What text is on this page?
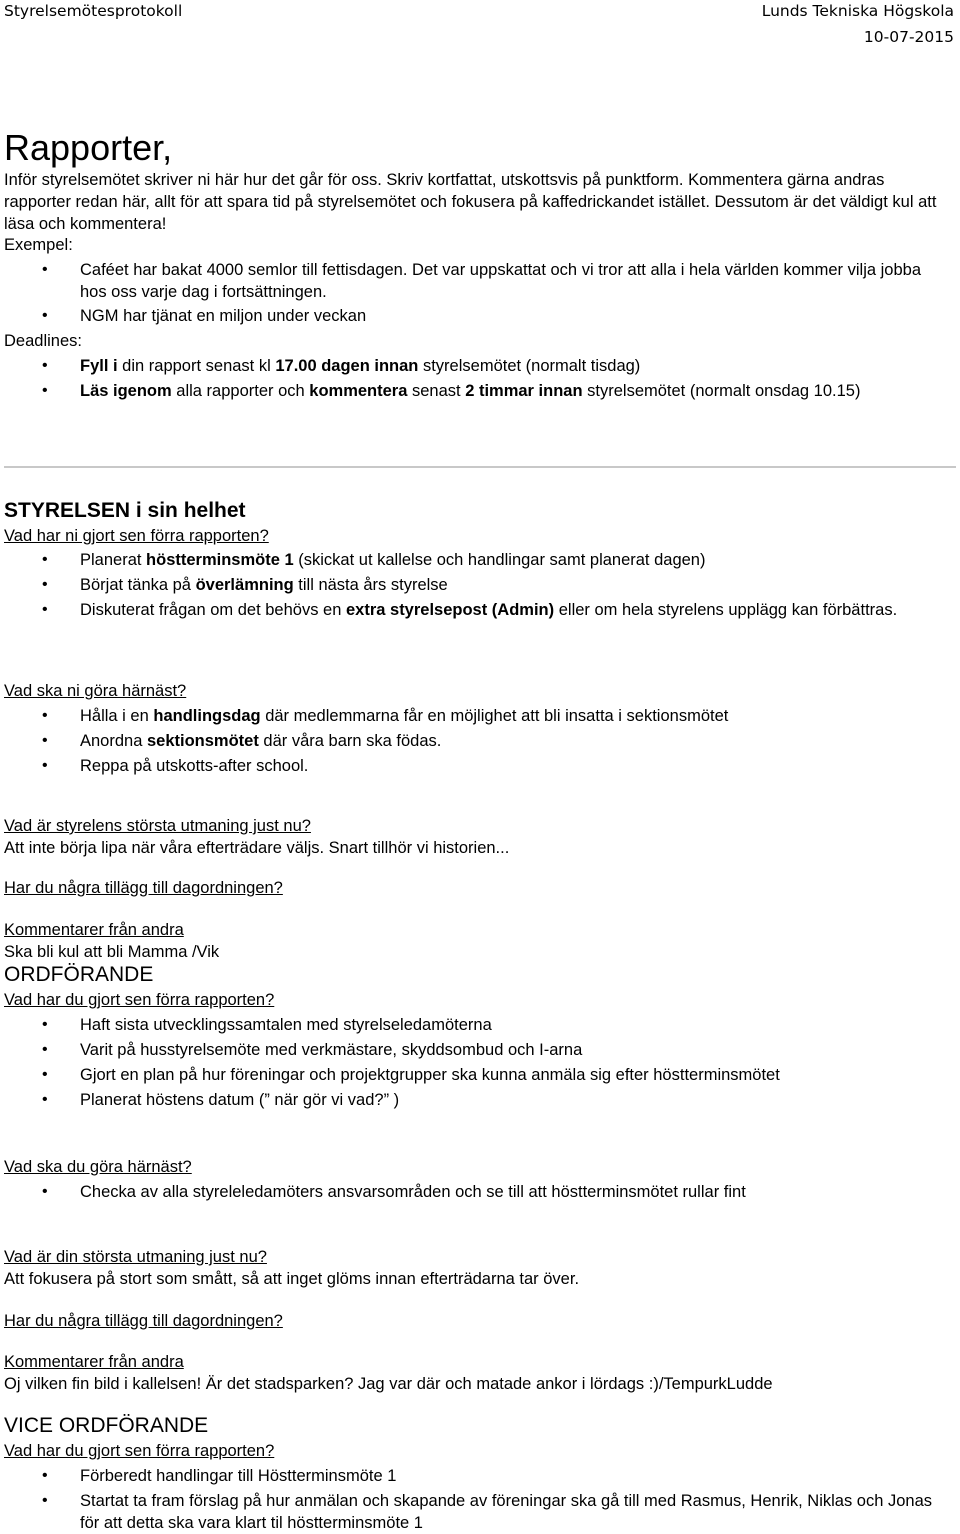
Styrelsemötesprotokoll	Lunds Tekniska Högskola
10-07-2015
Rapporter,
Inför styrelsemötet skriver ni här hur det går för oss. Skriv kortfattat, utskottsvis på punktform. Kommentera gärna andras rapporter redan här, allt för att spara tid på styrelsemötet och fokusera på kaffedrickandet istället. Dessutom är det väldigt kul att läsa och kommentera!
Exempel:
• Caféet har bakat 4000 semlor till fettisdagen. Det var uppskattat och vi tror att alla i hela världen kommer vilja jobba hos oss varje dag i fortsättningen.
• NGM har tjänat en miljon under veckan
Deadlines:
• Fyll i din rapport senast kl 17.00 dagen innan styrelsemötet (normalt tisdag)
• Läs igenom alla rapporter och kommentera senast 2 timmar innan styrelsemötet (normalt onsdag 10.15)
STYRELSEN i sin helhet
Vad har ni gjort sen förra rapporten?
• Planerat höstterminsmöte 1 (skickat ut kallelse och handlingar samt planerat dagen)
• Börjat tänka på överlämning till nästa års styrelse
• Diskuterat frågan om det behövs en extra styrelsepost (Admin) eller om hela styrelens upplägg kan förbättras.
Vad ska ni göra härnäst?
• Hålla i en handlingsdag där medlemmarna får en möjlighet att bli insatta i sektionsmötet
• Anordna sektionsmötet där våra barn ska födas.
• Reppa på utskotts-after school.
Vad är styrelens största utmaning just nu?
Att inte börja lipa när våra efterträdare väljs. Snart tillhör vi historien...
Har du några tillägg till dagordningen?
Kommentarer från andra
Ska bli kul att bli Mamma /Vik
ORDFÖRANDE
Vad har du gjort sen förra rapporten?
• Haft sista utvecklingssamtalen med styrelseledamöterna
• Varit på husstyrelsemöte med verkmästare, skyddsombud och I-arna
• Gjort en plan på hur föreningar och projektgrupper ska kunna anmäla sig efter höstterminsmötet
• Planerat höstens datum (” när gör vi vad?” )
Vad ska du göra härnäst?
• Checka av alla styreleledamöters ansvarsområden och se till att höstterminsmötet rullar fint
Vad är din största utmaning just nu?
Att fokusera på stort som smått, så att inget glöms innan efterträdarna tar över.
Har du några tillägg till dagordningen?
Kommentarer från andra
Oj vilken fin bild i kallelsen! Är det stadsparken? Jag var där och matade ankor i lördags :)/TempurkLudde
VICE ORDFÖRANDE
Vad har du gjort sen förra rapporten?
• Förberedt handlingar till Höstterminsmöte 1
• Startat ta fram förslag på hur anmälan och skapande av föreningar ska gå till med Rasmus, Henrik, Niklas och Jonas för att detta ska vara klart til höstterminsmöte 1
